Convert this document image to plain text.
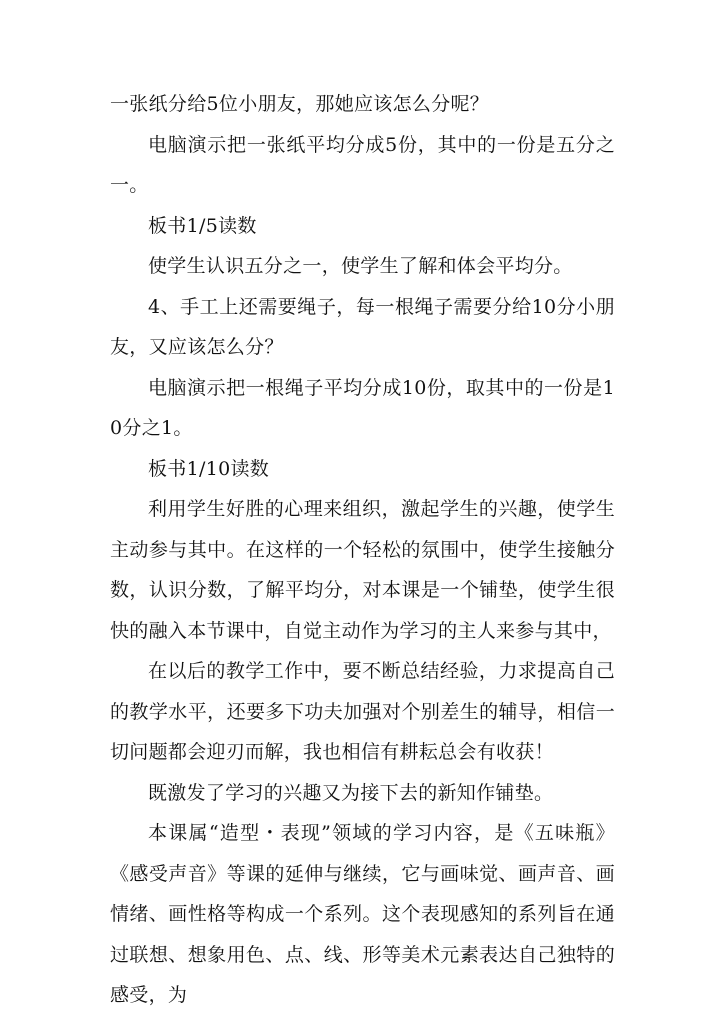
一张纸分给5位小朋友，那她应该怎么分呢？

电脑演示把一张纸平均分成5份，其中的一份是五分之一。

板书1/5读数

使学生认识五分之一，使学生了解和体会平均分。

4、手工上还需要绳子，每一根绳子需要分给10分小朋友，又应该怎么分？

电脑演示把一根绳子平均分成10份，取其中的一份是10分之1。

板书1/10读数

利用学生好胜的心理来组织，激起学生的兴趣，使学生主动参与其中。在这样的一个轻松的氛围中，使学生接触分数，认识分数，了解平均分，对本课是一个铺垫，使学生很快的融入本节课中，自觉主动作为学习的主人来参与其中，

在以后的教学工作中，要不断总结经验，力求提高自己的教学水平，还要多下功夫加强对个别差生的辅导，相信一切问题都会迎刃而解，我也相信有耕耘总会有收获！

既激发了学习的兴趣又为接下去的新知作铺垫。

本课属“造型・表现”领域的学习内容，是《五味瓶》《感受声音》等课的延伸与继续，它与画味觉、画声音、画情绪、画性格等构成一个系列。这个表现感知的系列旨在通过联想、想象用色、点、线、形等美术元素表达自己独特的感受，为
